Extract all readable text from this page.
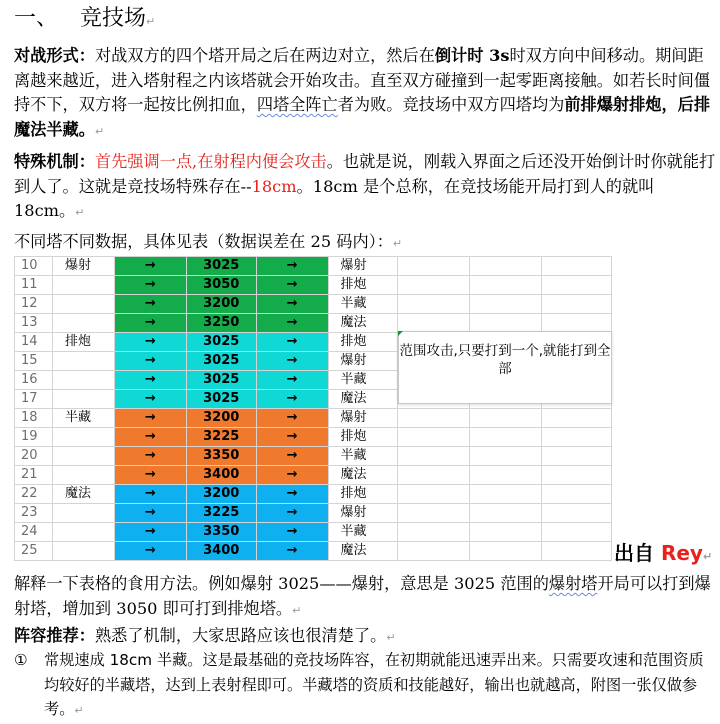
一、 竞技场↵
对战形式：对战双方的四个塔开局之后在两边对立，然后在倒计时 3s时双方向中间移动。期间距离越来越近，进入塔射程之内该塔就会开始攻击。直至双方碰撞到一起零距离接触。如若长时间僵持不下，双方将一起按比例扣血，四塔全阵亡者为败。竞技场中双方四塔均为前排爆射排炮，后排魔法半藏。↵
特殊机制：首先强调一点,在射程内便会攻击。也就是说，刚载入界面之后还没开始倒计时你就能打到人了。这就是竞技场特殊存在--18cm。18cm 是个总称，在竞技场能开局打到人的就叫 18cm。↵
不同塔不同数据，具体见表（数据误差在 25 码内）：↵
10	爆射	→	3025	→	爆射			
11		→	3050	→	排炮			
12		→	3200	→	半藏			
13		→	3250	→	魔法			
14	排炮	→	3025	→	排炮			
15		→	3025	→	爆射			
16		→	3025	→	半藏			
17		→	3025	→	魔法			
18	半藏	→	3200	→	爆射			
19		→	3225	→	排炮			
20		→	3350	→	半藏			
21		→	3400	→	魔法			
22	魔法	→	3200	→	排炮			
23		→	3225	→	爆射			
24		→	3350	→	半藏			
25		→	3400	→	魔法			
范围攻击,只要打到一个,就能打到全部
出自 Rey↵
解释一下表格的食用方法。例如爆射 3025——爆射，意思是 3025 范围的爆射塔开局可以打到爆射塔，增加到 3050 即可打到排炮塔。↵
阵容推荐：熟悉了机制，大家思路应该也很清楚了。↵
① 常规速成 18cm 半藏。这是最基础的竞技场阵容，在初期就能迅速弄出来。只需要攻速和范围资质均较好的半藏塔，达到上表射程即可。半藏塔的资质和技能越好，输出也就越高，附图一张仅做参考。↵
